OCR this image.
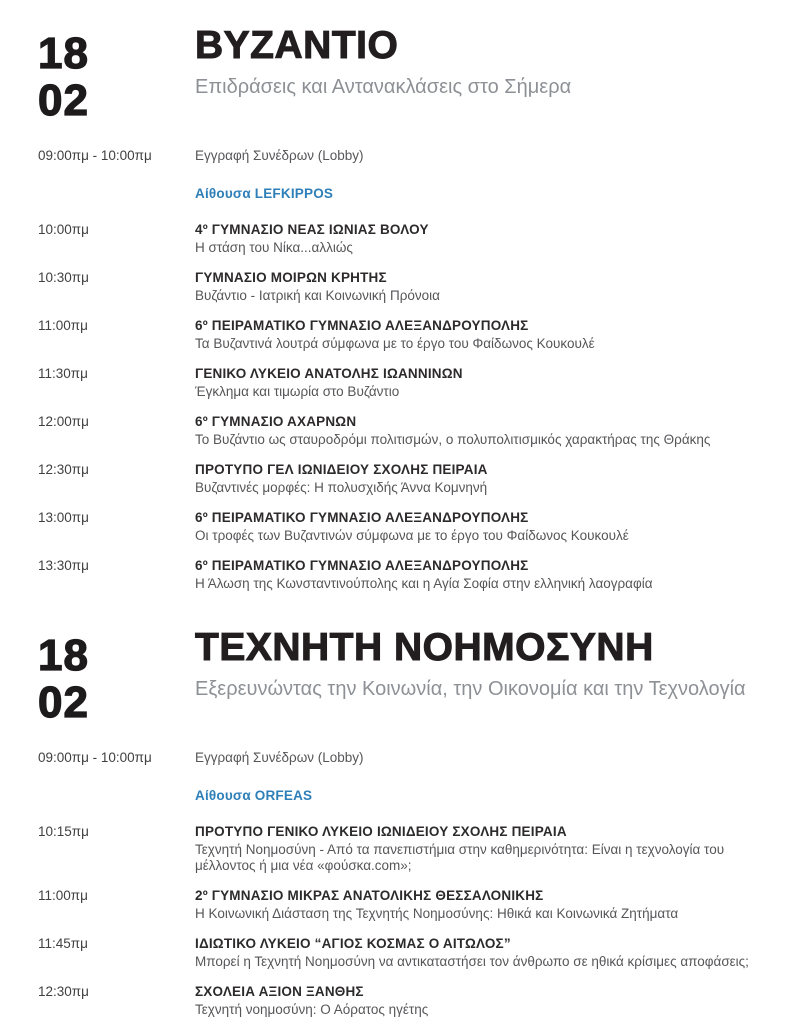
18
02
ΒΥΖΑΝΤΙΟ
Επιδράσεις και Αντανακλάσεις στο Σήμερα
09:00πμ - 10:00πμ	Εγγραφή Συνέδρων (Lobby)
Αίθουσα LEFKIPPOS
10:00πμ	4º ΓΥΜΝΑΣΙΟ ΝΕΑΣ ΙΩΝΙΑΣ ΒΟΛΟΥ
Η στάση του Νίκα...αλλιώς
10:30πμ	ΓΥΜΝΑΣΙΟ ΜΟΙΡΩΝ ΚΡΗΤΗΣ
Βυζάντιο - Ιατρική και Κοινωνική Πρόνοια
11:00πμ	6º ΠΕΙΡΑΜΑΤΙΚΟ ΓΥΜΝΑΣΙΟ ΑΛΕΞΑΝΔΡΟΥΠΟΛΗΣ
Τα Βυζαντινά λουτρά σύμφωνα με το έργο του Φαίδωνος Κουκουλέ
11:30πμ	ΓΕΝΙΚΟ ΛΥΚΕΙΟ ΑΝΑΤΟΛΗΣ ΙΩΑΝΝΙΝΩΝ
Έγκλημα και τιμωρία στο Βυζάντιο
12:00πμ	6º ΓΥΜΝΑΣΙΟ ΑΧΑΡΝΩΝ
Το Βυζάντιο ως σταυροδρόμι πολιτισμών, ο πολυπολιτισμικός χαρακτήρας της Θράκης
12:30πμ	ΠΡΟΤΥΠΟ ΓΕΛ ΙΩΝΙΔΕΙΟΥ ΣΧΟΛΗΣ ΠΕΙΡΑΙΑ
Βυζαντινές μορφές: Η πολυσχιδής Άννα Κομνηνή
13:00πμ	6º ΠΕΙΡΑΜΑΤΙΚΟ ΓΥΜΝΑΣΙΟ ΑΛΕΞΑΝΔΡΟΥΠΟΛΗΣ
Οι τροφές των Βυζαντινών σύμφωνα με το έργο του Φαίδωνος Κουκουλέ
13:30πμ	6º ΠΕΙΡΑΜΑΤΙΚΟ ΓΥΜΝΑΣΙΟ ΑΛΕΞΑΝΔΡΟΥΠΟΛΗΣ
Η Άλωση της Κωνσταντινούπολης και η Αγία Σοφία στην ελληνική λαογραφία
18
02
ΤΕΧΝΗΤΗ ΝΟΗΜΟΣΥΝΗ
Εξερευνώντας την Κοινωνία, την Οικονομία και την Τεχνολογία
09:00πμ - 10:00πμ	Εγγραφή Συνέδρων (Lobby)
Αίθουσα ORFEAS
10:15πμ	ΠΡΟΤΥΠΟ ΓΕΝΙΚΟ ΛΥΚΕΙΟ ΙΩΝΙΔΕΙΟΥ ΣΧΟΛΗΣ ΠΕΙΡΑΙΑ
Τεχνητή Νοημοσύνη - Από τα πανεπιστήμια στην καθημερινότητα: Είναι η τεχνολογία του μέλλοντος ή μια νέα «φούσκα.com»;
11:00πμ	2º ΓΥΜΝΑΣΙΟ ΜΙΚΡΑΣ ΑΝΑΤΟΛΙΚΗΣ ΘΕΣΣΑΛΟΝΙΚΗΣ
Η Κοινωνική Διάσταση της Τεχνητής Νοημοσύνης: Ηθικά και Κοινωνικά Ζητήματα
11:45πμ	ΙΔΙΩΤΙΚΟ ΛΥΚΕΙΟ “ΑΓΙΟΣ ΚΟΣΜΑΣ Ο ΑΙΤΩΛΟΣ”
Μπορεί η Τεχνητή Νοημοσύνη να αντικαταστήσει τον άνθρωπο σε ηθικά κρίσιμες αποφάσεις;
12:30πμ	ΣΧΟΛΕΙΑ ΑΞΙΟΝ ΞΑΝΘΗΣ
Τεχνητή νοημοσύνη: Ο Αόρατος ηγέτης
